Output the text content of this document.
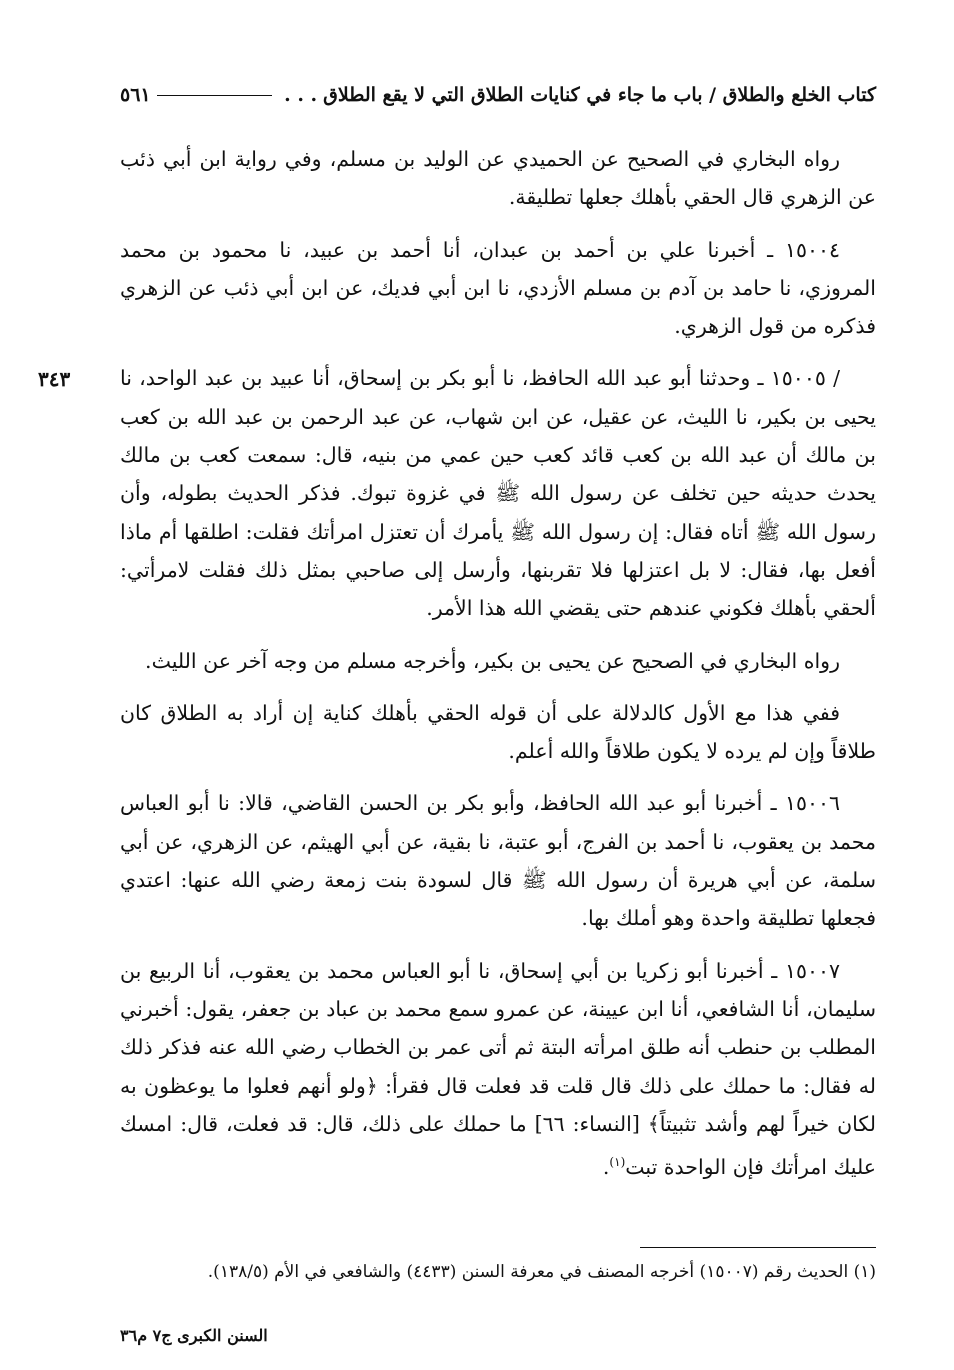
كتاب الخلع والطلاق / باب ما جاء في كنايات الطلاق التي لا يقع الطلاق
. . .
٥٦١
٣٤٣

رواه البخاري في الصحيح عن الحميدي عن الوليد بن مسلم، وفي رواية ابن أبي ذئب عن الزهري قال الحقي بأهلك جعلها تطليقة.

١٥٠٠٤ ـ أخبرنا علي بن أحمد بن عبدان، أنا أحمد بن عبيد، نا محمود بن محمد المروزي، نا حامد بن آدم بن مسلم الأزدي، نا ابن أبي فديك، عن ابن أبي ذئب عن الزهري فذكره من قول الزهري.

/ ١٥٠٠٥ ـ وحدثنا أبو عبد الله الحافظ، نا أبو بكر بن إسحاق، أنا عبيد بن عبد الواحد، نا يحيى بن بكير، نا الليث، عن عقيل، عن ابن شهاب، عن عبد الرحمن بن عبد الله بن كعب بن مالك أن عبد الله بن كعب قائد كعب حين عمي من بنيه، قال: سمعت كعب بن مالك يحدث حديثه حين تخلف عن رسول الله ﷺ في غزوة تبوك. فذكر الحديث بطوله، وأن رسول الله ﷺ أتاه فقال: إن رسول الله ﷺ يأمرك أن تعتزل امرأتك فقلت: اطلقها أم ماذا أفعل بها، فقال: لا بل اعتزلها فلا تقربنها، وأرسل إلى صاحبي بمثل ذلك فقلت لامرأتي: ألحقي بأهلك فكوني عندهم حتى يقضي الله هذا الأمر.

رواه البخاري في الصحيح عن يحيى بن بكير، وأخرجه مسلم من وجه آخر عن الليث.

ففي هذا مع الأول كالدلالة على أن قوله الحقي بأهلك كناية إن أراد به الطلاق كان طلاقاً وإن لم يرده لا يكون طلاقاً والله أعلم.

١٥٠٠٦ ـ أخبرنا أبو عبد الله الحافظ، وأبو بكر بن الحسن القاضي، قالا: نا أبو العباس محمد بن يعقوب، نا أحمد بن الفرج، أبو عتبة، نا بقية، عن أبي الهيثم، عن الزهري، عن أبي سلمة، عن أبي هريرة أن رسول الله ﷺ قال لسودة بنت زمعة رضي الله عنها: اعتدي فجعلها تطليقة واحدة وهو أملك بها.

١٥٠٠٧ ـ أخبرنا أبو زكريا بن أبي إسحاق، نا أبو العباس محمد بن يعقوب، أنا الربيع بن سليمان، أنا الشافعي، أنا ابن عيينة، عن عمرو سمع محمد بن عباد بن جعفر، يقول: أخبرني المطلب بن حنطب أنه طلق امرأته البتة ثم أتى عمر بن الخطاب رضي الله عنه فذكر ذلك له فقال: ما حملك على ذلك قال قلت قد فعلت قال فقرأ: ﴿ولو أنهم فعلوا ما يوعظون به لكان خيراً لهم وأشد تثبيتاً﴾ [النساء: ٦٦] ما حملك على ذلك، قال: قد فعلت، قال: امسك عليك امرأتك فإن الواحدة تبت$^{(١)}$.

(١) الحديث رقم (١٥٠٠٧) أخرجه المصنف في معرفة السنن (٤٤٣٣) والشافعي في الأم (١٣٨/٥).
السنن الكبرى ج٧ م٣٦
